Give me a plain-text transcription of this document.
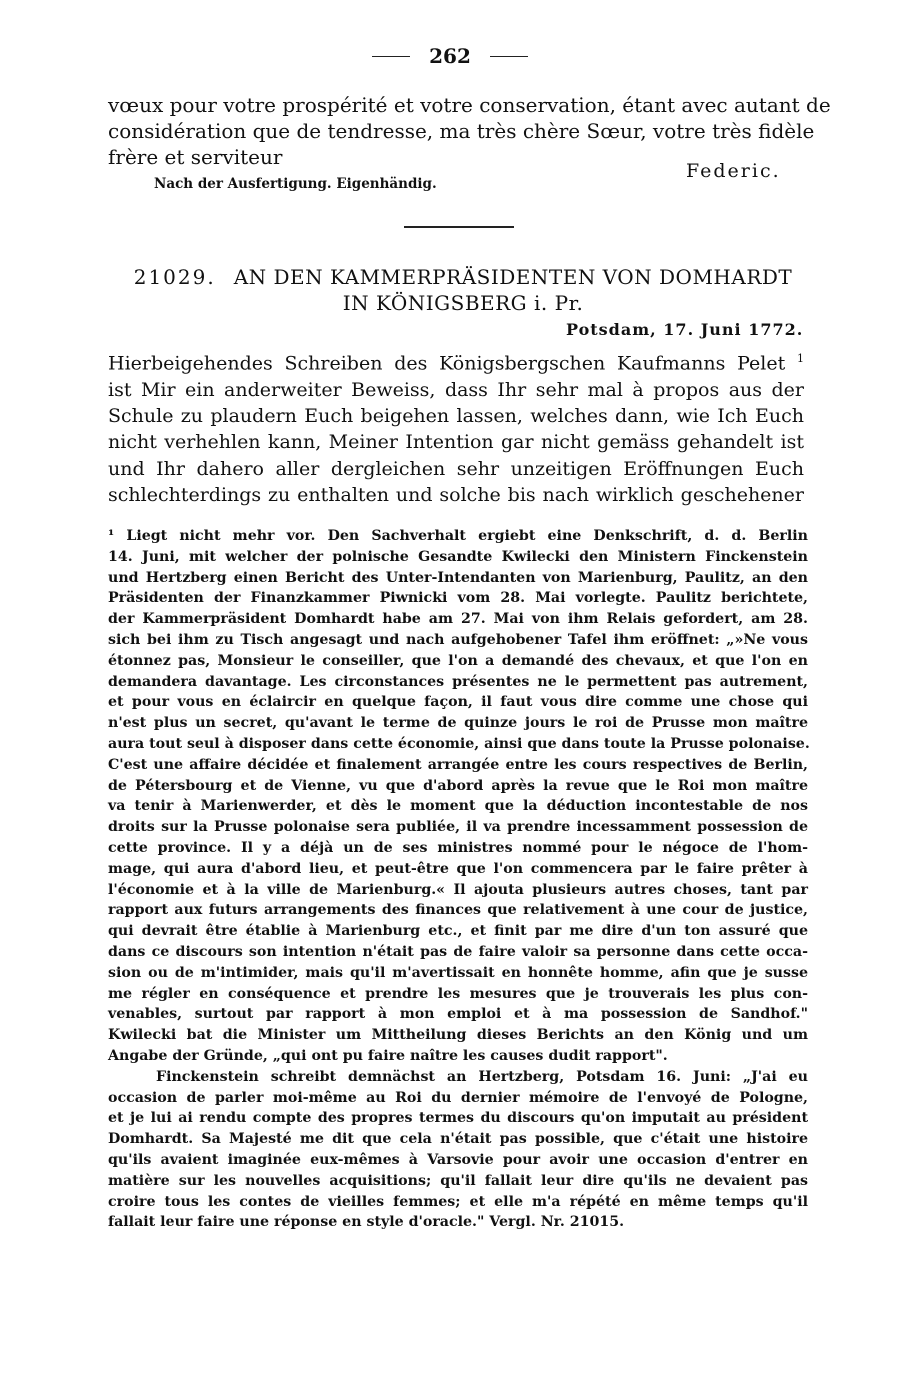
262
vœux pour votre prospérité et votre conservation, étant avec autant de
considération que de tendresse, ma très chère Sœur, votre très fidèle
frère et serviteur
Federic.
Nach der Ausfertigung. Eigenhändig.
21029. AN DEN KAMMERPRÄSIDENTEN VON DOMHARDT
IN KÖNIGSBERG i. Pr.
Potsdam, 17. Juni 1772.
Hierbeigehendes Schreiben des Königsbergschen Kaufmanns Pelet $^1$
ist Mir ein anderweiter Beweiss, dass Ihr sehr mal à propos aus der
Schule zu plaudern Euch beigehen lassen, welches dann, wie Ich Euch
nicht verhehlen kann, Meiner Intention gar nicht gemäss gehandelt ist
und Ihr dahero aller dergleichen sehr unzeitigen Eröffnungen Euch
schlechterdings zu enthalten und solche bis nach wirklich geschehener
¹ Liegt nicht mehr vor. Den Sachverhalt ergiebt eine Denkschrift, d. d. Berlin
14. Juni, mit welcher der polnische Gesandte Kwilecki den Ministern Finckenstein
und Hertzberg einen Bericht des Unter-Intendanten von Marienburg, Paulitz, an den
Präsidenten der Finanzkammer Piwnicki vom 28. Mai vorlegte. Paulitz berichtete,
der Kammerpräsident Domhardt habe am 27. Mai von ihm Relais gefordert, am 28.
sich bei ihm zu Tisch angesagt und nach aufgehobener Tafel ihm eröffnet: „»Ne vous
étonnez pas, Monsieur le conseiller, que l'on a demandé des chevaux, et que l'on en
demandera davantage. Les circonstances présentes ne le permettent pas autrement,
et pour vous en éclaircir en quelque façon, il faut vous dire comme une chose qui
n'est plus un secret, qu'avant le terme de quinze jours le roi de Prusse mon maître
aura tout seul à disposer dans cette économie, ainsi que dans toute la Prusse polonaise.
C'est une affaire décidée et finalement arrangée entre les cours respectives de Berlin,
de Pétersbourg et de Vienne, vu que d'abord après la revue que le Roi mon maître
va tenir à Marienwerder, et dès le moment que la déduction incontestable de nos
droits sur la Prusse polonaise sera publiée, il va prendre incessamment possession de
cette province. Il y a déjà un de ses ministres nommé pour le négoce de l'hom-
mage, qui aura d'abord lieu, et peut-être que l'on commencera par le faire prêter à
l'économie et à la ville de Marienburg.« Il ajouta plusieurs autres choses, tant par
rapport aux futurs arrangements des finances que relativement à une cour de justice,
qui devrait être établie à Marienburg etc., et finit par me dire d'un ton assuré que
dans ce discours son intention n'était pas de faire valoir sa personne dans cette occa-
sion ou de m'intimider, mais qu'il m'avertissait en honnête homme, afin que je susse
me régler en conséquence et prendre les mesures que je trouverais les plus con-
venables, surtout par rapport à mon emploi et à ma possession de Sandhof."
Kwilecki bat die Minister um Mittheilung dieses Berichts an den König und um
Angabe der Gründe, „qui ont pu faire naître les causes dudit rapport".
Finckenstein schreibt demnächst an Hertzberg, Potsdam 16. Juni: „J'ai eu
occasion de parler moi-même au Roi du dernier mémoire de l'envoyé de Pologne,
et je lui ai rendu compte des propres termes du discours qu'on imputait au président
Domhardt. Sa Majesté me dit que cela n'était pas possible, que c'était une histoire
qu'ils avaient imaginée eux-mêmes à Varsovie pour avoir une occasion d'entrer en
matière sur les nouvelles acquisitions; qu'il fallait leur dire qu'ils ne devaient pas
croire tous les contes de vieilles femmes; et elle m'a répété en même temps qu'il
fallait leur faire une réponse en style d'oracle." Vergl. Nr. 21015.
